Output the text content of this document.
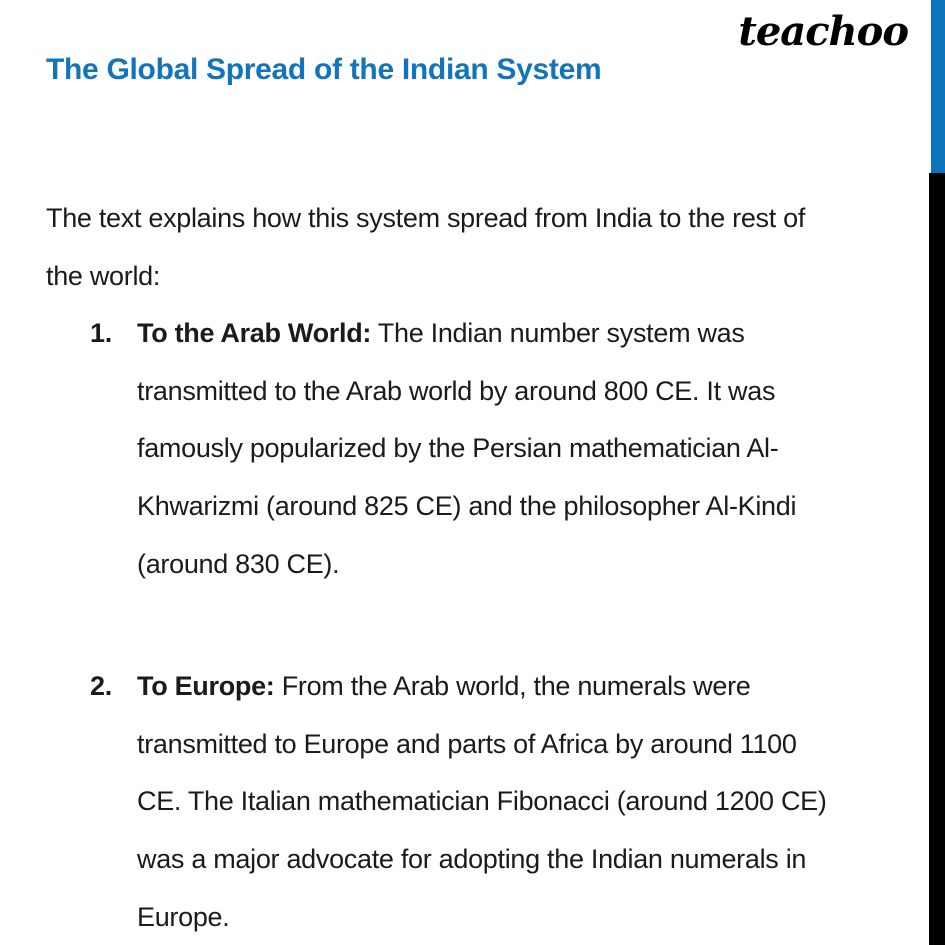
teachoo
The Global Spread of the Indian System
The text explains how this system spread from India to the rest of
the world:
1. To the Arab World: The Indian number system was
transmitted to the Arab world by around 800 CE. It was
famously popularized by the Persian mathematician Al-
Khwarizmi (around 825 CE) and the philosopher Al-Kindi
(around 830 CE).
2. To Europe: From the Arab world, the numerals were
transmitted to Europe and parts of Africa by around 1100
CE. The Italian mathematician Fibonacci (around 1200 CE)
was a major advocate for adopting the Indian numerals in
Europe.
